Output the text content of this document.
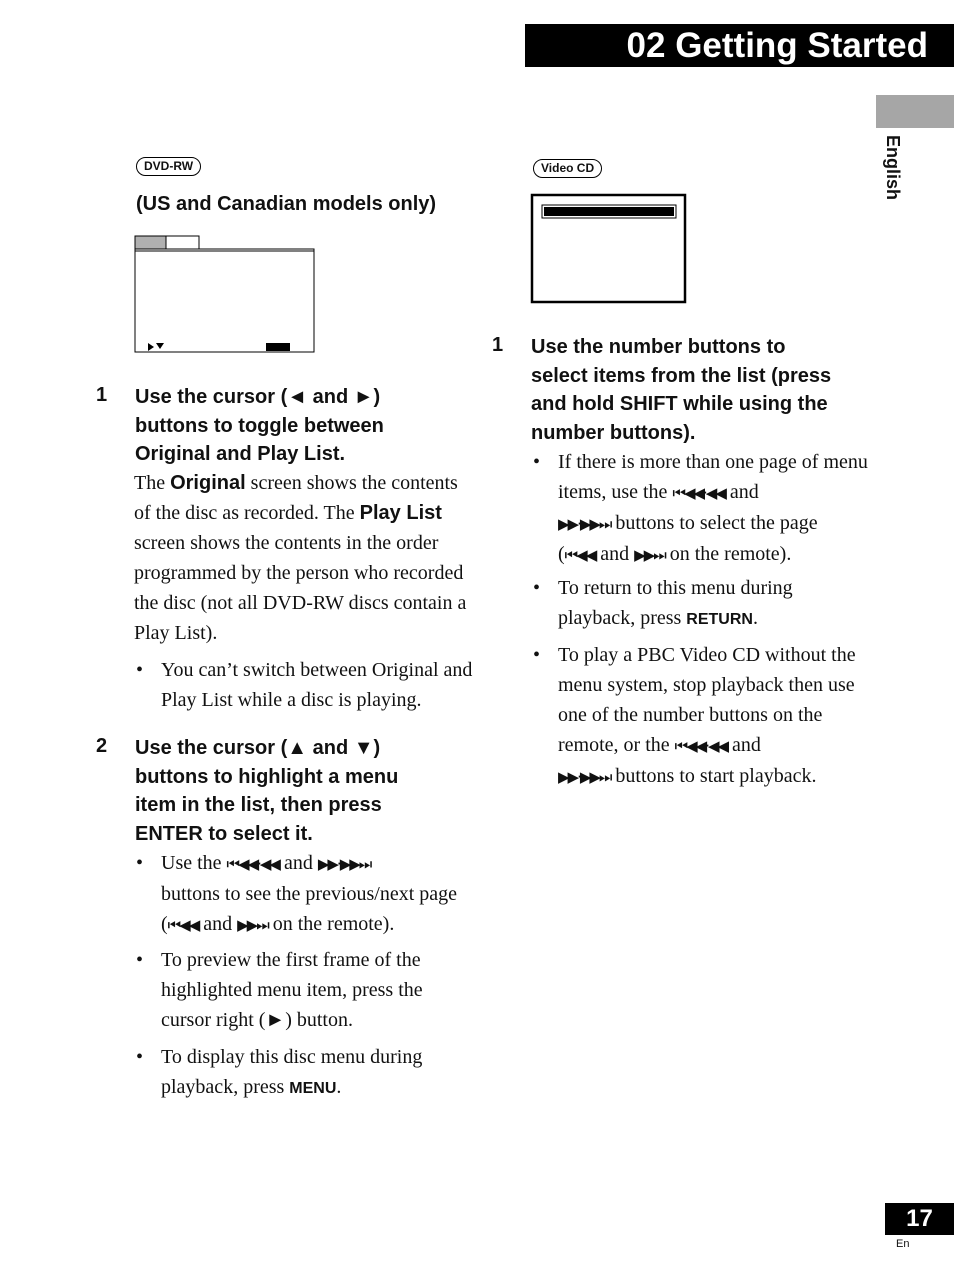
02 Getting Started
English
DVD-RW
(US and Canadian models only)
1 Use the cursor (◄ and ►)
buttons to toggle between
Original and Play List.
The Original screen shows the contents
of the disc as recorded. The Play List
screen shows the contents in the order
programmed by the person who recorded
the disc (not all DVD-RW discs contain a
Play List).
• You can’t switch between Original and
Play List while a disc is playing.
2 Use the cursor (▲ and ▼)
buttons to highlight a menu
item in the list, then press
ENTER to select it.
• Use the ⏮◀◀·◀◀ and ▶▶·▶▶⏭
buttons to see the previous/next page
(⏮◀◀ and ▶▶⏭ on the remote).
• To preview the first frame of the
highlighted menu item, press the
cursor right (►) button.
• To display this disc menu during
playback, press MENU.
Video CD
1 Use the number buttons to
select items from the list (press
and hold SHIFT while using the
number buttons).
• If there is more than one page of menu
items, use the ⏮◀◀·◀◀ and
▶▶·▶▶⏭ buttons to select the page
(⏮◀◀ and ▶▶⏭ on the remote).
• To return to this menu during
playback, press RETURN.
• To play a PBC Video CD without the
menu system, stop playback then use
one of the number buttons on the
remote, or the ⏮◀◀·◀◀ and
▶▶·▶▶⏭ buttons to start playback.
17
En
